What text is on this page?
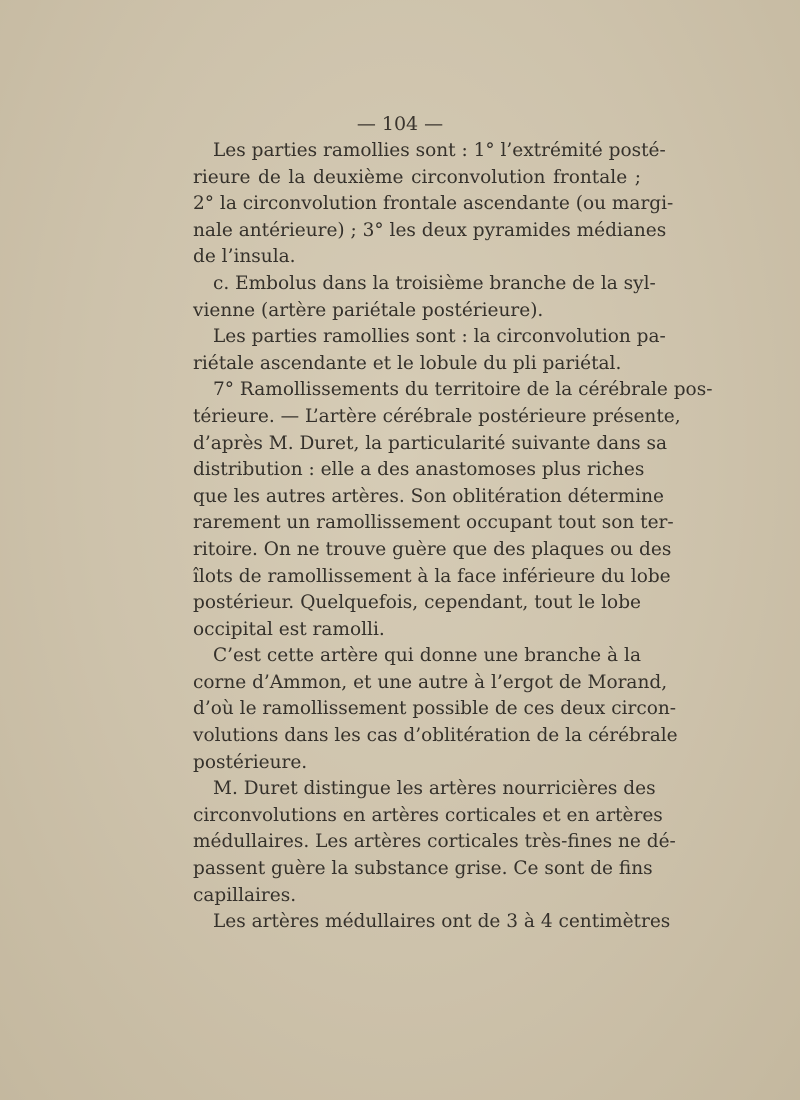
— 104 —

Les parties ramollies sont : 1° l’extrémité posté-
rieure de la deuxième circonvolution frontale ;
2° la circonvolution frontale ascendante (ou margi-
nale antérieure) ; 3° les deux pyramides médianes
de l’insula.
c. Embolus dans la troisième branche de la syl-
vienne (artère pariétale postérieure).
Les parties ramollies sont : la circonvolution pa-
riétale ascendante et le lobule du pli pariétal.
7° Ramollissements du territoire de la cérébrale pos-
térieure. — L’artère cérébrale postérieure présente,
d’après M. Duret, la particularité suivante dans sa
distribution : elle a des anastomoses plus riches
que les autres artères. Son oblitération détermine
rarement un ramollissement occupant tout son ter-
ritoire. On ne trouve guère que des plaques ou des
îlots de ramollissement à la face inférieure du lobe
postérieur. Quelquefois, cependant, tout le lobe
occipital est ramolli.
C’est cette artère qui donne une branche à la
corne d’Ammon, et une autre à l’ergot de Morand,
d’où le ramollissement possible de ces deux circon-
volutions dans les cas d’oblitération de la cérébrale
postérieure.
M. Duret distingue les artères nourricières des
circonvolutions en artères corticales et en artères
médullaires. Les artères corticales très-fines ne dé-
passent guère la substance grise. Ce sont de fins
capillaires.
Les artères médullaires ont de 3 à 4 centimètres
